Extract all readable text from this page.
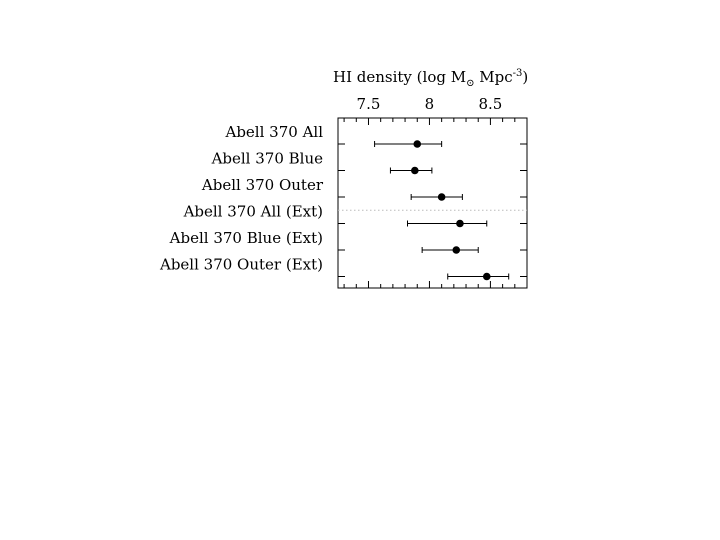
HI density (log $M_⊙$ Mpc$^{-3}$)
7.5	8	8.5
Abell 370 All
Abell 370 Blue
Abell 370 Outer
Abell 370 All (Ext)
Abell 370 Blue (Ext)
Abell 370 Outer (Ext)
